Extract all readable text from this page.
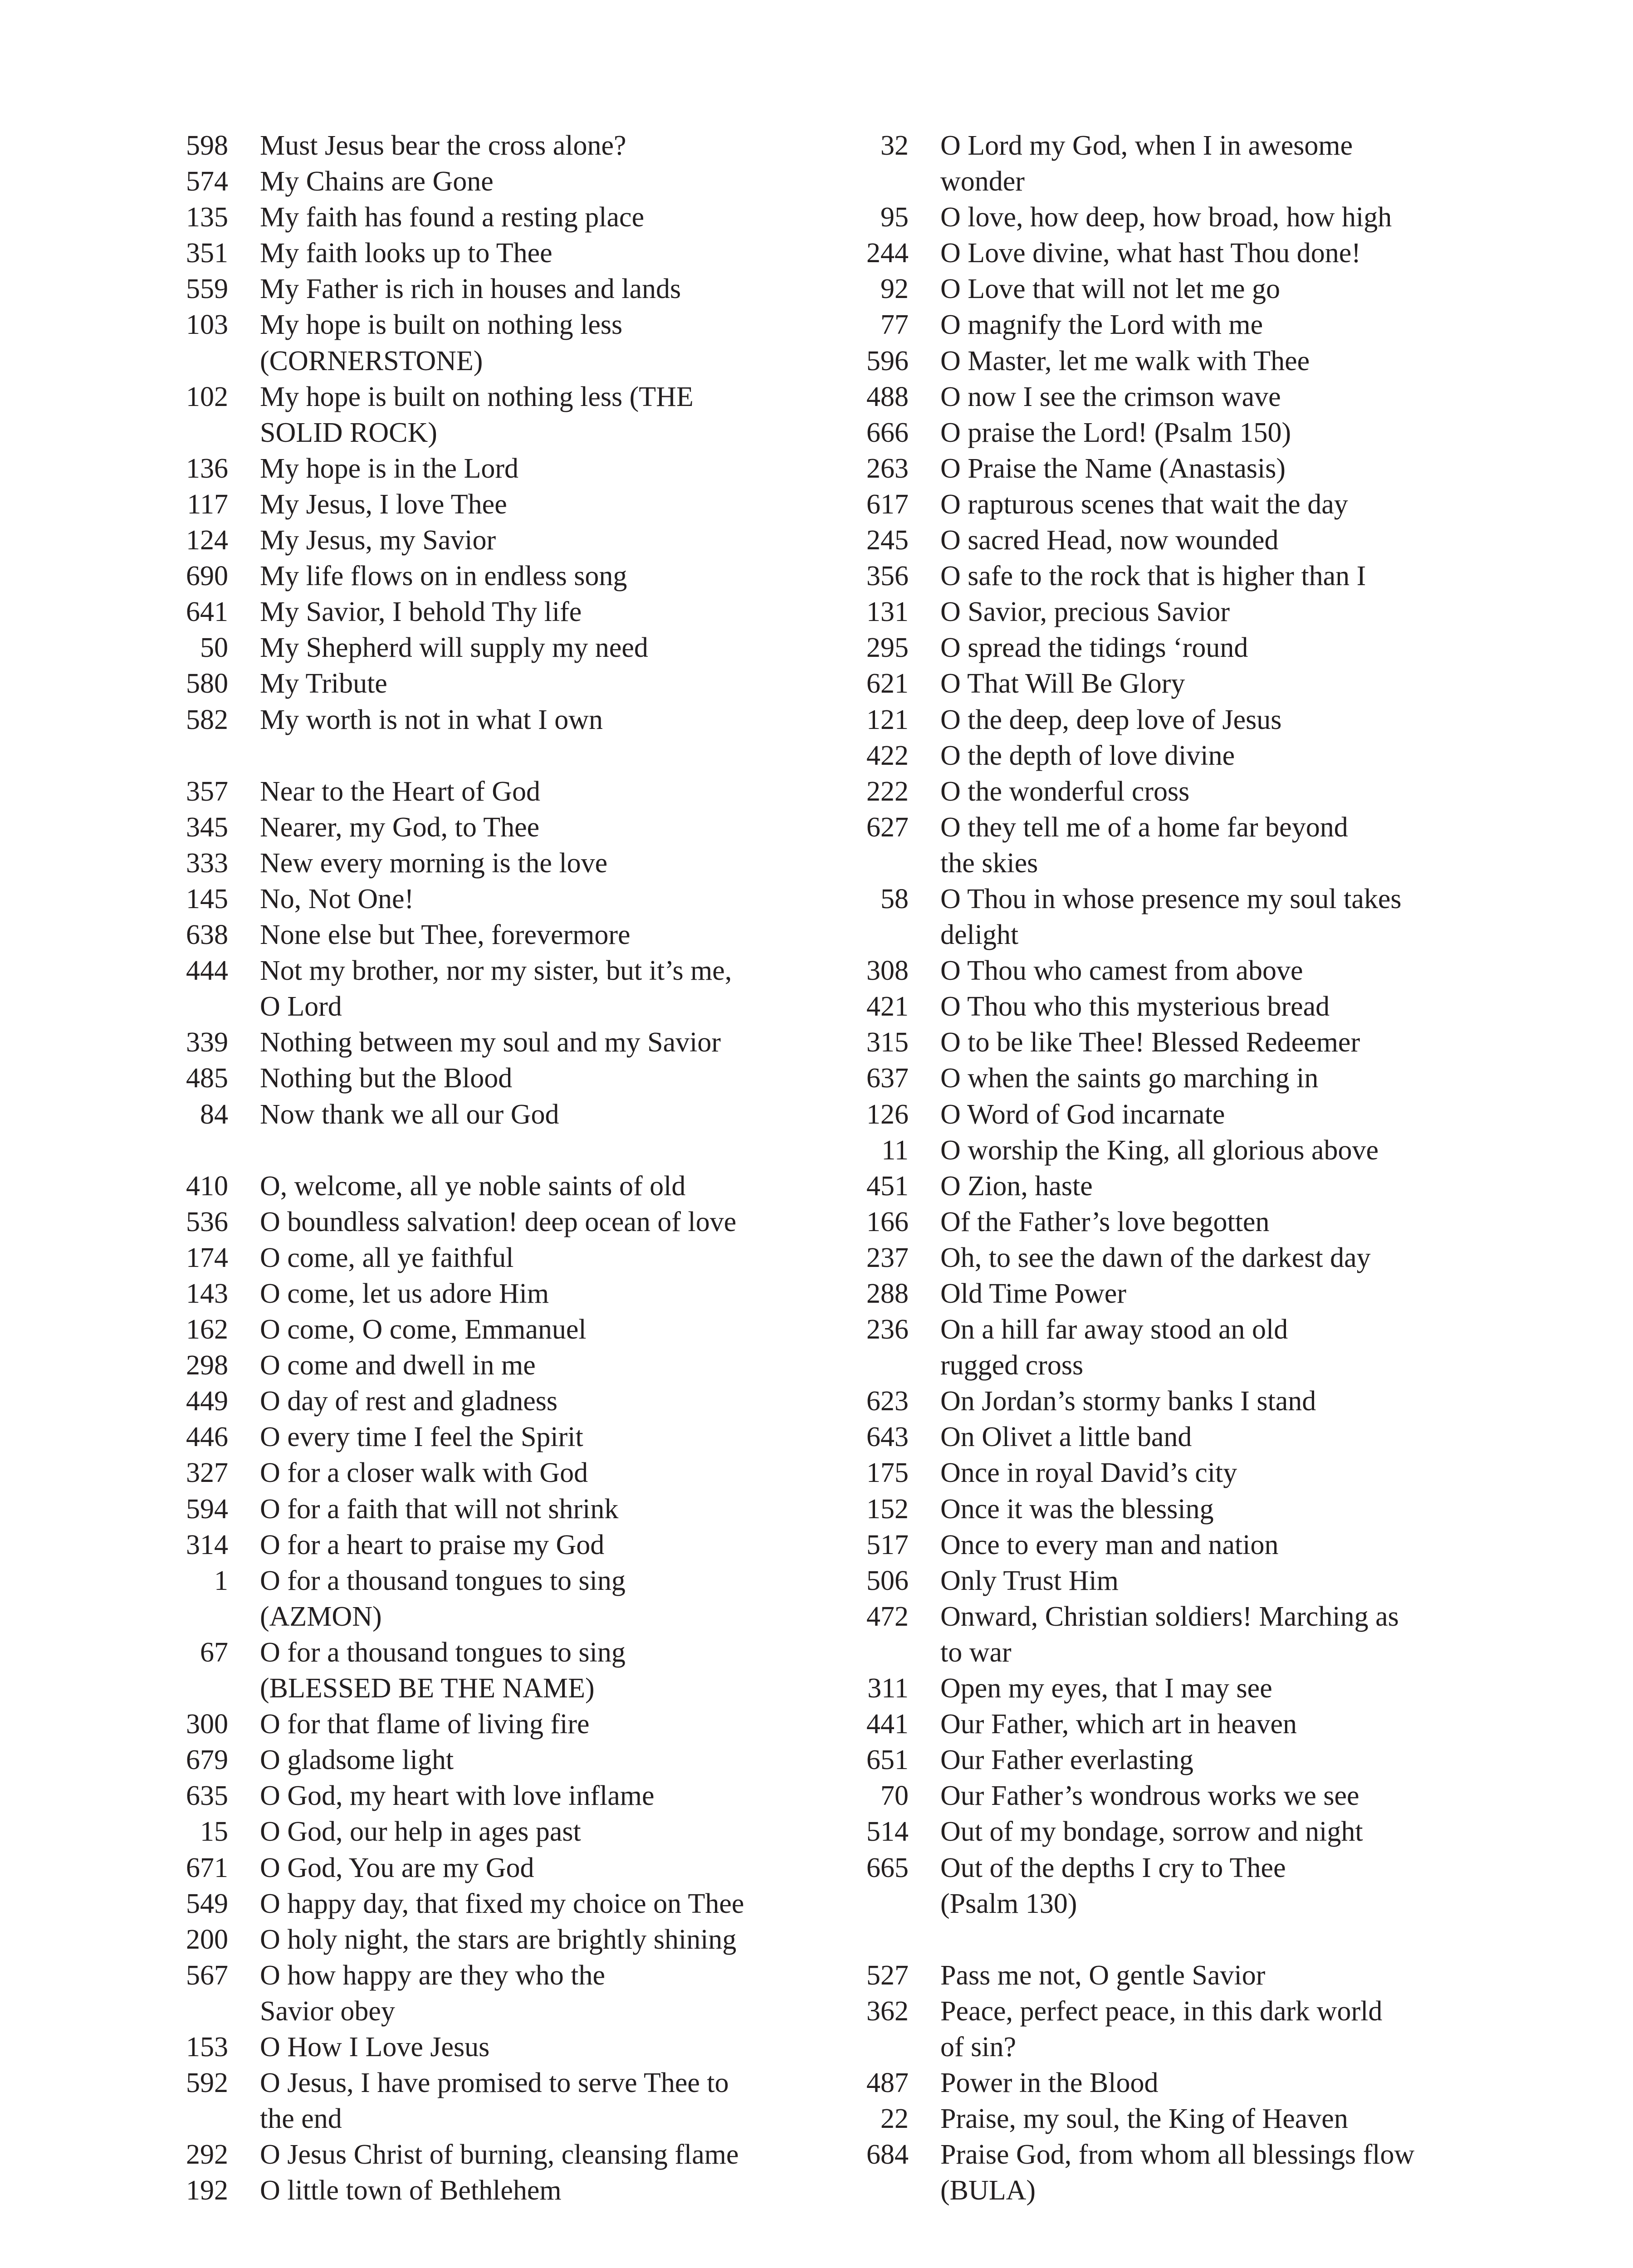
598 Must Jesus bear the cross alone?
574 My Chains are Gone
135 My faith has found a resting place
351 My faith looks up to Thee
559 My Father is rich in houses and lands
103 My hope is built on nothing less
(CORNERSTONE)
102 My hope is built on nothing less (THE
SOLID ROCK)
136 My hope is in the Lord
117 My Jesus, I love Thee
124 My Jesus, my Savior
690 My life flows on in endless song
641 My Savior, I behold Thy life
50 My Shepherd will supply my need
580 My Tribute
582 My worth is not in what I own
357 Near to the Heart of God
345 Nearer, my God, to Thee
333 New every morning is the love
145 No, Not One!
638 None else but Thee, forevermore
444 Not my brother, nor my sister, but it’s me,
O Lord
339 Nothing between my soul and my Savior
485 Nothing but the Blood
84 Now thank we all our God
410 O, welcome, all ye noble saints of old
536 O boundless salvation! deep ocean of love
174 O come, all ye faithful
143 O come, let us adore Him
162 O come, O come, Emmanuel
298 O come and dwell in me
449 O day of rest and gladness
446 O every time I feel the Spirit
327 O for a closer walk with God
594 O for a faith that will not shrink
314 O for a heart to praise my God
1 O for a thousand tongues to sing
(AZMON)
67 O for a thousand tongues to sing
(BLESSED BE THE NAME)
300 O for that flame of living fire
679 O gladsome light
635 O God, my heart with love inflame
15 O God, our help in ages past
671 O God, You are my God
549 O happy day, that fixed my choice on Thee
200 O holy night, the stars are brightly shining
567 O how happy are they who the
Savior obey
153 O How I Love Jesus
592 O Jesus, I have promised to serve Thee to
the end
292 O Jesus Christ of burning, cleansing flame
192 O little town of Bethlehem
32 O Lord my God, when I in awesome
wonder
95 O love, how deep, how broad, how high
244 O Love divine, what hast Thou done!
92 O Love that will not let me go
77 O magnify the Lord with me
596 O Master, let me walk with Thee
488 O now I see the crimson wave
666 O praise the Lord! (Psalm 150)
263 O Praise the Name (Anastasis)
617 O rapturous scenes that wait the day
245 O sacred Head, now wounded
356 O safe to the rock that is higher than I
131 O Savior, precious Savior
295 O spread the tidings ‘round
621 O That Will Be Glory
121 O the deep, deep love of Jesus
422 O the depth of love divine
222 O the wonderful cross
627 O they tell me of a home far beyond
the skies
58 O Thou in whose presence my soul takes
delight
308 O Thou who camest from above
421 O Thou who this mysterious bread
315 O to be like Thee! Blessed Redeemer
637 O when the saints go marching in
126 O Word of God incarnate
11 O worship the King, all glorious above
451 O Zion, haste
166 Of the Father’s love begotten
237 Oh, to see the dawn of the darkest day
288 Old Time Power
236 On a hill far away stood an old
rugged cross
623 On Jordan’s stormy banks I stand
643 On Olivet a little band
175 Once in royal David’s city
152 Once it was the blessing
517 Once to every man and nation
506 Only Trust Him
472 Onward, Christian soldiers! Marching as
to war
311 Open my eyes, that I may see
441 Our Father, which art in heaven
651 Our Father everlasting
70 Our Father’s wondrous works we see
514 Out of my bondage, sorrow and night
665 Out of the depths I cry to Thee
(Psalm 130)
527 Pass me not, O gentle Savior
362 Peace, perfect peace, in this dark world
of sin?
487 Power in the Blood
22 Praise, my soul, the King of Heaven
684 Praise God, from whom all blessings flow
(BULA)
